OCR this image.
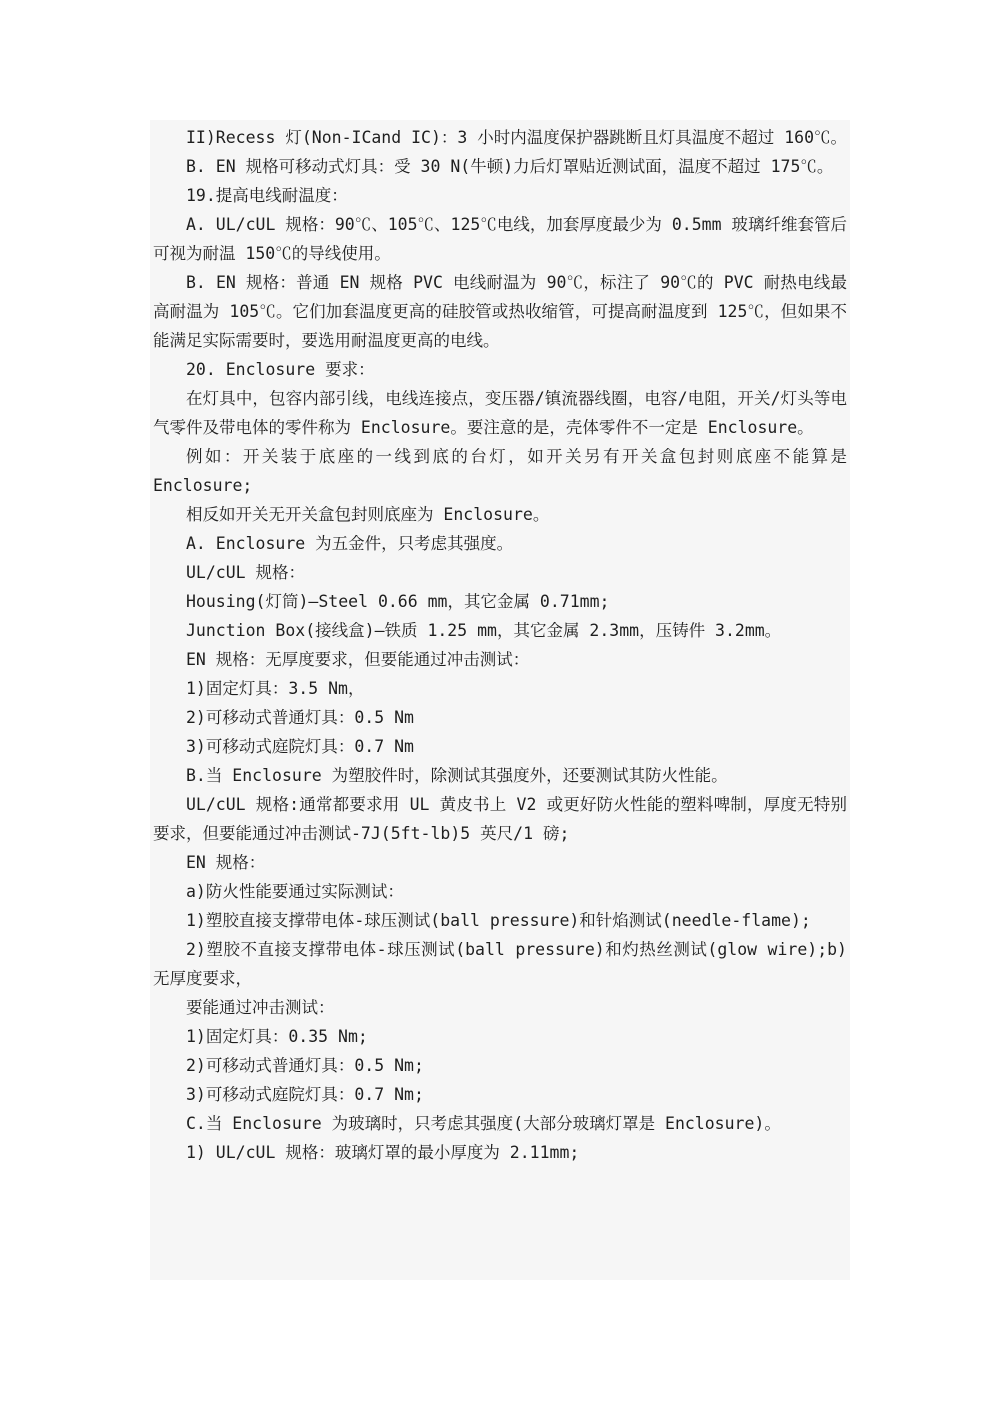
II)Recess 灯(Non-ICand IC)：3 小时内温度保护器跳断且灯具温度不超过 160℃。

B. EN 规格可移动式灯具：受 30 N(牛顿)力后灯罩贴近测试面，温度不超过 175℃。

19.提高电线耐温度：

A. UL/cUL 规格：90℃、105℃、125℃电线，加套厚度最少为 0.5mm 玻璃纤维套管后可视为耐温 150℃的导线使用。

B. EN 规格：普通 EN 规格 PVC 电线耐温为 90℃，标注了 90℃的 PVC 耐热电线最高耐温为 105℃。它们加套温度更高的硅胶管或热收缩管，可提高耐温度到 125℃，但如果不能满足实际需要时，要选用耐温度更高的电线。

20. Enclosure 要求：

在灯具中，包容内部引线，电线连接点，变压器/镇流器线圈，电容/电阻，开关/灯头等电气零件及带电体的零件称为 Enclosure。要注意的是，壳体零件不一定是 Enclosure。

例如：开关装于底座的一线到底的台灯，如开关另有开关盒包封则底座不能算是 Enclosure;

相反如开关无开关盒包封则底座为 Enclosure。

A. Enclosure 为五金件，只考虑其强度。

UL/cUL 规格：

Housing(灯筒)—Steel 0.66 mm，其它金属 0.71mm;

Junction Box(接线盒)—铁质 1.25 mm，其它金属 2.3mm，压铸件 3.2mm。

EN 规格：无厚度要求，但要能通过冲击测试：

1)固定灯具：3.5 Nm，

2)可移动式普通灯具：0.5 Nm

3)可移动式庭院灯具：0.7 Nm

B.当 Enclosure 为塑胶件时，除测试其强度外，还要测试其防火性能。

UL/cUL 规格:通常都要求用 UL 黄皮书上 V2 或更好防火性能的塑料啤制，厚度无特别要求，但要能通过冲击测试-7J(5ft-lb)5 英尺/1 磅;

EN 规格：

a)防火性能要通过实际测试：

1)塑胶直接支撑带电体-球压测试(ball pressure)和针焰测试(needle-flame);

2)塑胶不直接支撑带电体-球压测试(ball pressure)和灼热丝测试(glow wire);b)无厚度要求，

要能通过冲击测试：

1)固定灯具：0.35 Nm;

2)可移动式普通灯具：0.5 Nm;

3)可移动式庭院灯具：0.7 Nm;

C.当 Enclosure 为玻璃时，只考虑其强度(大部分玻璃灯罩是 Enclosure)。

1) UL/cUL 规格：玻璃灯罩的最小厚度为 2.11mm;
